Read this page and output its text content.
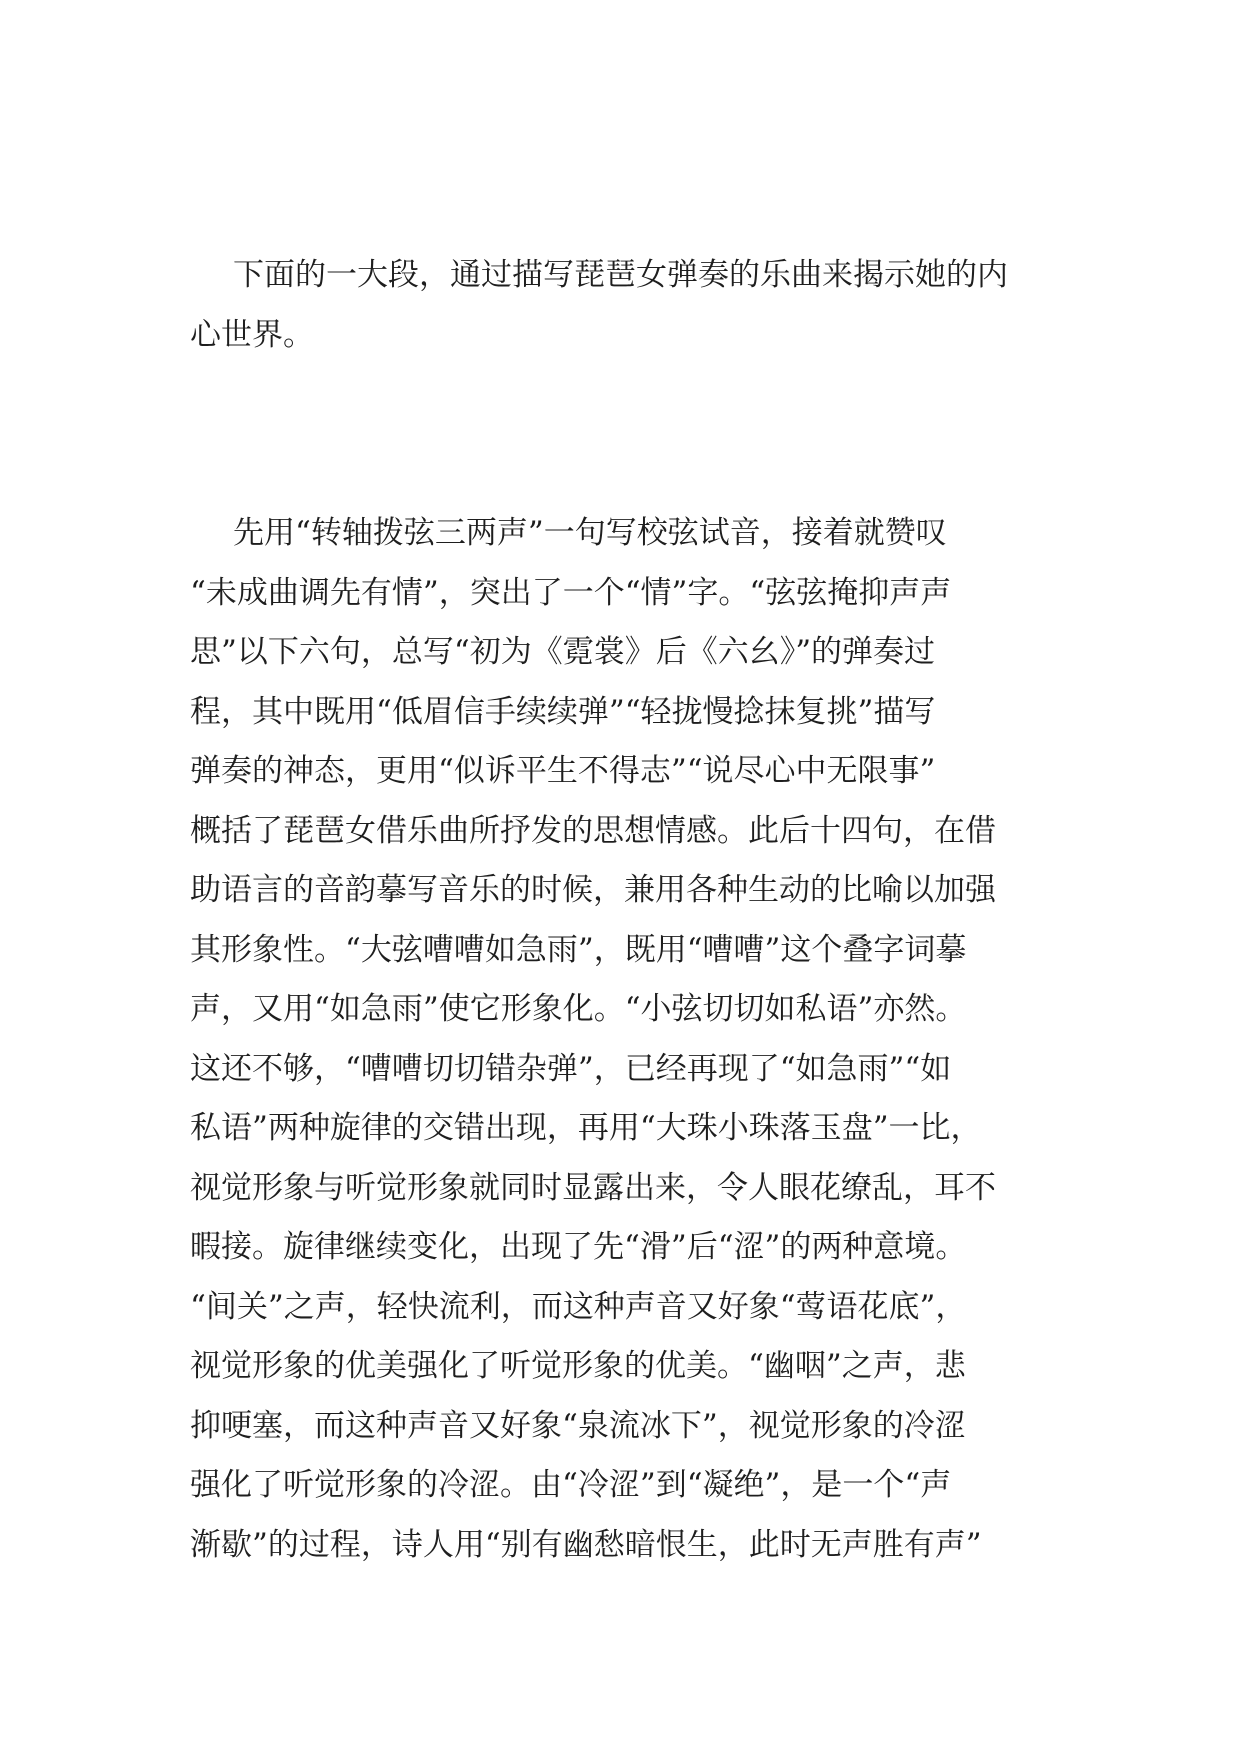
下面的一大段，通过描写琵琶女弹奏的乐曲来揭示她的内
心世界。
先用“转轴拨弦三两声”一句写校弦试音，接着就赞叹
“未成曲调先有情”，突出了一个“情”字。“弦弦掩抑声声
思”以下六句，总写“初为《霓裳》后《六幺》”的弹奏过
程，其中既用“低眉信手续续弹”“轻拢慢捻抹复挑”描写
弹奏的神态，更用“似诉平生不得志”“说尽心中无限事”
概括了琵琶女借乐曲所抒发的思想情感。此后十四句，在借
助语言的音韵摹写音乐的时候，兼用各种生动的比喻以加强
其形象性。“大弦嘈嘈如急雨”，既用“嘈嘈”这个叠字词摹
声，又用“如急雨”使它形象化。“小弦切切如私语”亦然。
这还不够，“嘈嘈切切错杂弹”，已经再现了“如急雨”“如
私语”两种旋律的交错出现，再用“大珠小珠落玉盘”一比，
视觉形象与听觉形象就同时显露出来，令人眼花缭乱，耳不
暇接。旋律继续变化，出现了先“滑”后“涩”的两种意境。
“间关”之声，轻快流利，而这种声音又好象“莺语花底”，
视觉形象的优美强化了听觉形象的优美。“幽咽”之声，悲
抑哽塞，而这种声音又好象“泉流冰下”，视觉形象的冷涩
强化了听觉形象的冷涩。由“冷涩”到“凝绝”，是一个“声
渐歇”的过程，诗人用“别有幽愁暗恨生，此时无声胜有声”
